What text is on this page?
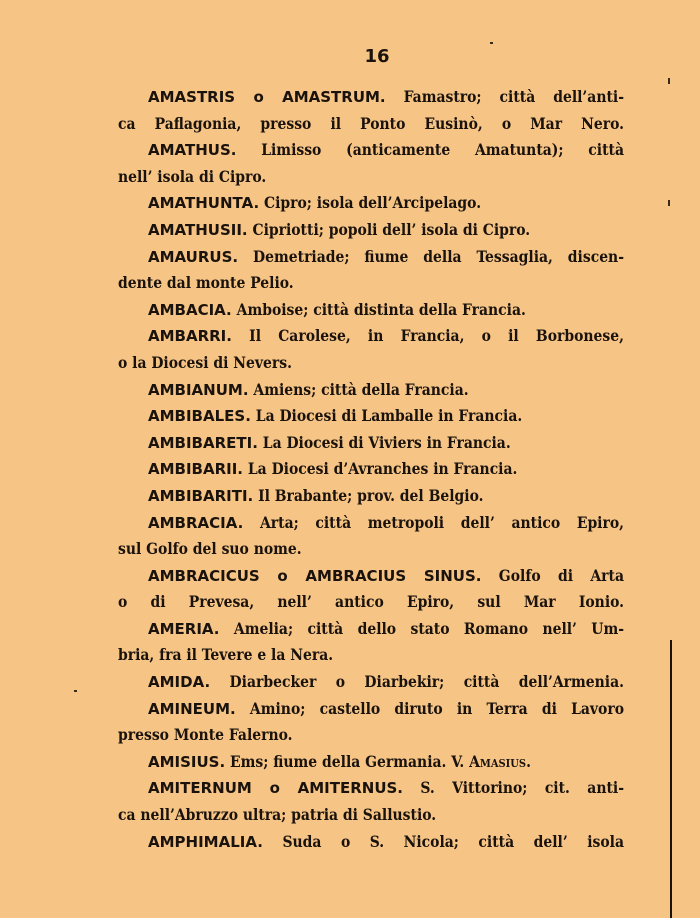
16
AMASTRIS o AMASTRUM. Famastro; città dell’anti-
ca Paflagonia, presso il Ponto Eusinò, o Mar Nero.
AMATHUS. Limisso (anticamente Amatunta); città
nell’ isola di Cipro.
AMATHUNTA. Cipro; isola dell’Arcipelago.
AMATHUSII. Cipriotti; popoli dell’ isola di Cipro.
AMAURUS. Demetriade; fiume della Tessaglia, discen-
dente dal monte Pelio.
AMBACIA. Amboise; città distinta della Francia.
AMBARRI. Il Carolese, in Francia, o il Borbonese,
o la Diocesi di Nevers.
AMBIANUM. Amiens; città della Francia.
AMBIBALES. La Diocesi di Lamballe in Francia.
AMBIBARETI. La Diocesi di Viviers in Francia.
AMBIBARII. La Diocesi d’Avranches in Francia.
AMBIBARITI. Il Brabante; prov. del Belgio.
AMBRACIA. Arta; città metropoli dell’ antico Epiro,
sul Golfo del suo nome.
AMBRACICUS o AMBRACIUS SINUS. Golfo di Arta
o di Prevesa, nell’ antico Epiro, sul Mar Ionio.
AMERIA. Amelia; città dello stato Romano nell’ Um-
bria, fra il Tevere e la Nera.
AMIDA. Diarbecker o Diarbekir; città dell’Armenia.
AMINEUM. Amino; castello diruto in Terra di Lavoro
presso Monte Falerno.
AMISIUS. Ems; fiume della Germania. V. Amasius.
AMITERNUM o AMITERNUS. S. Vittorino; cit. anti-
ca nell’Abruzzo ultra; patria di Sallustio.
AMPHIMALIA. Suda o S. Nicola; città dell’ isola
